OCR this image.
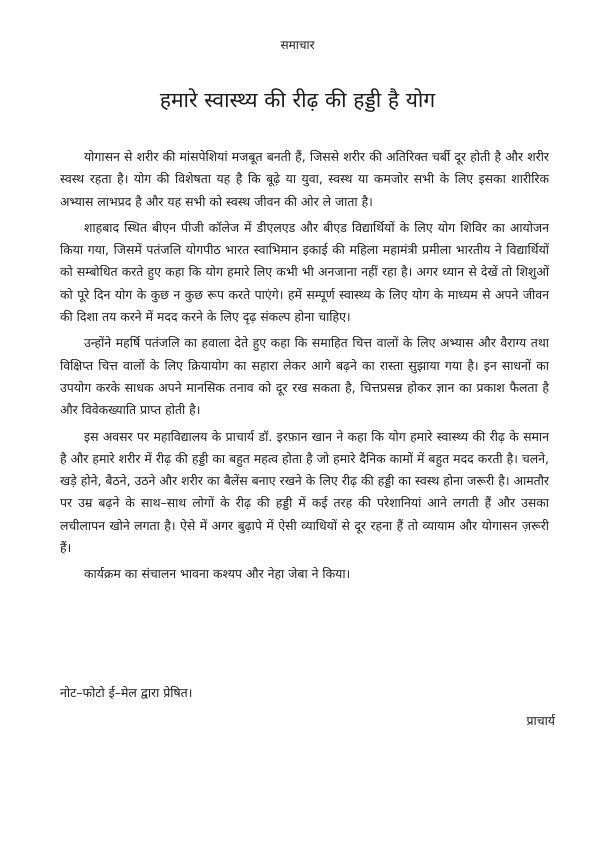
समाचार
हमारे स्वास्थ्य की रीढ़ की हड्डी है योग

योगासन से शरीर की मांसपेशियां मजबूत बनती हैं, जिससे शरीर की अतिरिक्त चर्बी दूर होती है और शरीर स्वस्थ रहता है। योग की विशेषता यह है कि बूढ़े या युवा, स्वस्थ या कमजोर सभी के लिए इसका शारीरिक अभ्यास लाभप्रद है और यह सभी को स्वस्थ जीवन की ओर ले जाता है।

शाहबाद स्थित बीएन पीजी कॉलेज में डीएलएड और बीएड विद्यार्थियों के लिए योग शिविर का आयोजन किया गया, जिसमें पतंजलि योगपीठ भारत स्वाभिमान इकाई की महिला महामंत्री प्रमीला भारतीय ने विद्यार्थियों को सम्बोधित करते हुए कहा कि योग हमारे लिए कभी भी अनजाना नहीं रहा है। अगर ध्यान से देखें तो शिशुओं को पूरे दिन योग के कुछ न कुछ रूप करते पाएंगे। हमें सम्पूर्ण स्वास्थ्य के लिए योग के माध्यम से अपने जीवन की दिशा तय करने में मदद करने के लिए दृढ़ संकल्प होना चाहिए।

उन्होंने महर्षि पतंजलि का हवाला देते हुए कहा कि समाहित चित्त वालों के लिए अभ्यास और वैराग्य तथा विक्षिप्त चित्त वालों के लिए क्रियायोग का सहारा लेकर आगे बढ़ने का रास्ता सुझाया गया है। इन साधनों का उपयोग करके साधक अपने मानसिक तनाव को दूर रख सकता है, चित्तप्रसन्न होकर ज्ञान का प्रकाश फैलता है और विवेकख्याति प्राप्त होती है।

इस अवसर पर महाविद्यालय के प्राचार्य डॉ. इरफ़ान खान ने कहा कि योग हमारे स्वास्थ्य की रीढ़ के समान है और हमारे शरीर में रीढ़ की हड्डी का बहुत महत्व होता है जो हमारे दैनिक कामों में बहुत मदद करती है। चलने, खड़े होने, बैठने, उठने और शरीर का बैलेंस बनाए रखने के लिए रीढ़ की हड्डी का स्वस्थ होना जरूरी है। आमतौर पर उम्र बढ़ने के साथ–साथ लोगों के रीढ़ की हड्डी में कई तरह की परेशानियां आने लगती हैं और उसका लचीलापन खोने लगता है। ऐसे में अगर बुढ़ापे में ऐसी व्याधियों से दूर रहना हैं तो व्यायाम और योगासन ज़रूरी हैं।

कार्यक्रम का संचालन भावना कश्यप और नेहा जेबा ने किया।

नोट–फोटो ई–मेल द्वारा प्रेषित।
प्राचार्य
